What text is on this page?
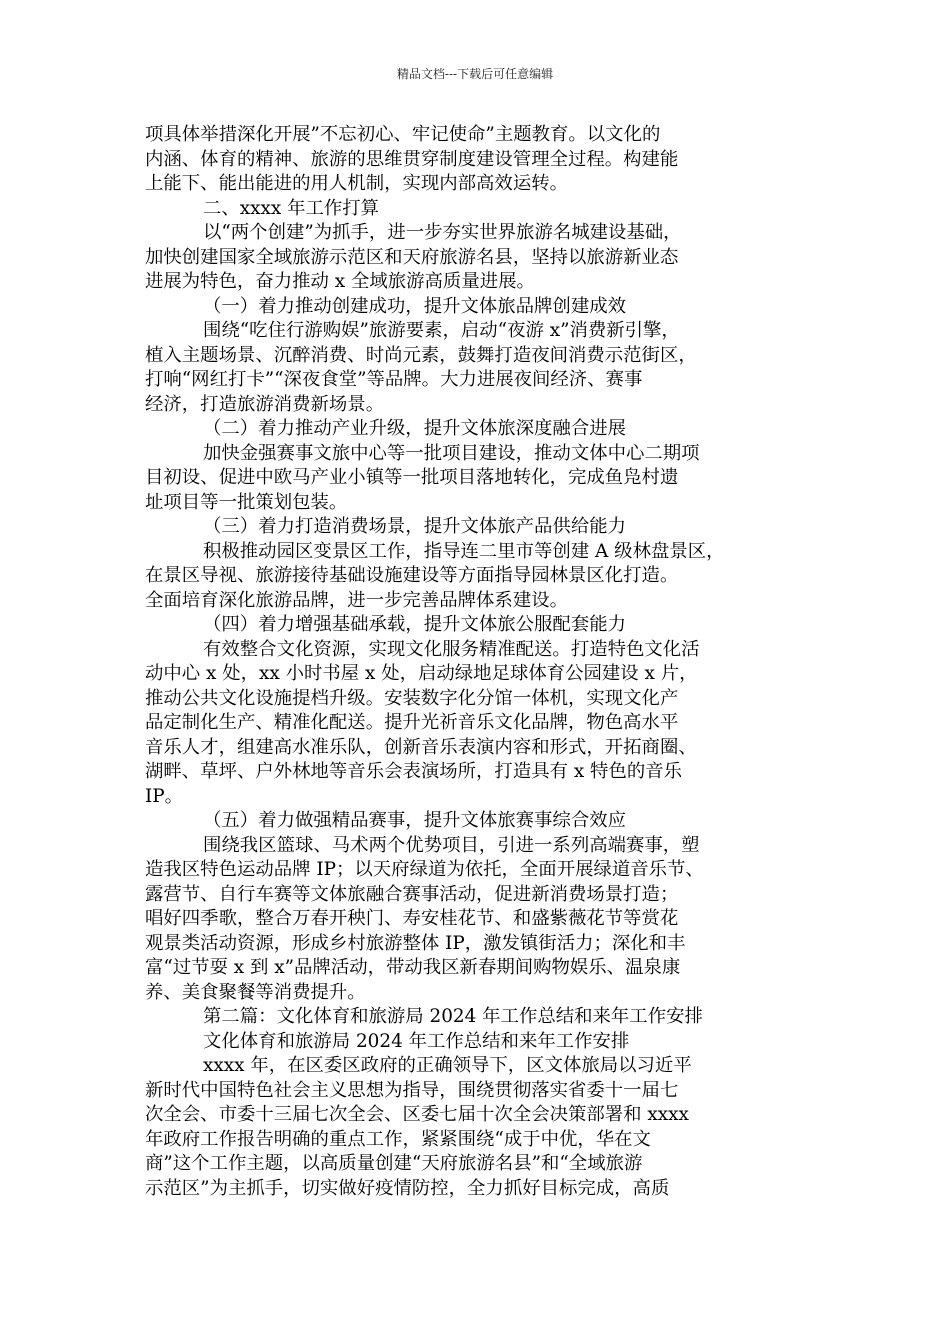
精品文档---下载后可任意编辑
项具体举措深化开展”不忘初心、牢记使命”主题教育。以文化的
内涵、体育的精神、旅游的思维贯穿制度建设管理全过程。构建能
上能下、能出能进的用人机制，实现内部高效运转。
二、xxxx 年工作打算
以“两个创建”为抓手，进一步夯实世界旅游名城建设基础，
加快创建国家全域旅游示范区和天府旅游名县，坚持以旅游新业态
进展为特色，奋力推动 x 全域旅游高质量进展。
（一）着力推动创建成功，提升文体旅品牌创建成效
围绕“吃住行游购娱”旅游要素，启动“夜游 x”消费新引擎，
植入主题场景、沉醉消费、时尚元素，鼓舞打造夜间消费示范街区，
打响“网红打卡”“深夜食堂”等品牌。大力进展夜间经济、赛事
经济，打造旅游消费新场景。
（二）着力推动产业升级，提升文体旅深度融合进展
加快金强赛事文旅中心等一批项目建设，推动文体中心二期项
目初设、促进中欧马产业小镇等一批项目落地转化，完成鱼凫村遗
址项目等一批策划包装。
（三）着力打造消费场景，提升文体旅产品供给能力
积极推动园区变景区工作，指导连二里市等创建 A 级林盘景区，
在景区导视、旅游接待基础设施建设等方面指导园林景区化打造。
全面培育深化旅游品牌，进一步完善品牌体系建设。
（四）着力增强基础承载，提升文体旅公服配套能力
有效整合文化资源，实现文化服务精准配送。打造特色文化活
动中心 x 处，xx 小时书屋 x 处，启动绿地足球体育公园建设 x 片，
推动公共文化设施提档升级。安装数字化分馆一体机，实现文化产
品定制化生产、精准化配送。提升光祈音乐文化品牌，物色高水平
音乐人才，组建高水准乐队，创新音乐表演内容和形式，开拓商圈、
湖畔、草坪、户外林地等音乐会表演场所，打造具有 x 特色的音乐
IP。
（五）着力做强精品赛事，提升文体旅赛事综合效应
围绕我区篮球、马术两个优势项目，引进一系列高端赛事，塑
造我区特色运动品牌 IP；以天府绿道为依托，全面开展绿道音乐节、
露营节、自行车赛等文体旅融合赛事活动，促进新消费场景打造；
唱好四季歌，整合万春开秧门、寿安桂花节、和盛紫薇花节等赏花
观景类活动资源，形成乡村旅游整体 IP，激发镇街活力；深化和丰
富“过节耍 x 到 x”品牌活动，带动我区新春期间购物娱乐、温泉康
养、美食聚餐等消费提升。
第二篇：文化体育和旅游局 2024 年工作总结和来年工作安排
文化体育和旅游局 2024 年工作总结和来年工作安排
xxxx 年，在区委区政府的正确领导下，区文体旅局以习近平
新时代中国特色社会主义思想为指导，围绕贯彻落实省委十一届七
次全会、市委十三届七次全会、区委七届十次全会决策部署和 xxxx
年政府工作报告明确的重点工作，紧紧围绕“成于中优，华在文
商”这个工作主题，以高质量创建“天府旅游名县”和“全域旅游
示范区”为主抓手，切实做好疫情防控，全力抓好目标完成，高质
